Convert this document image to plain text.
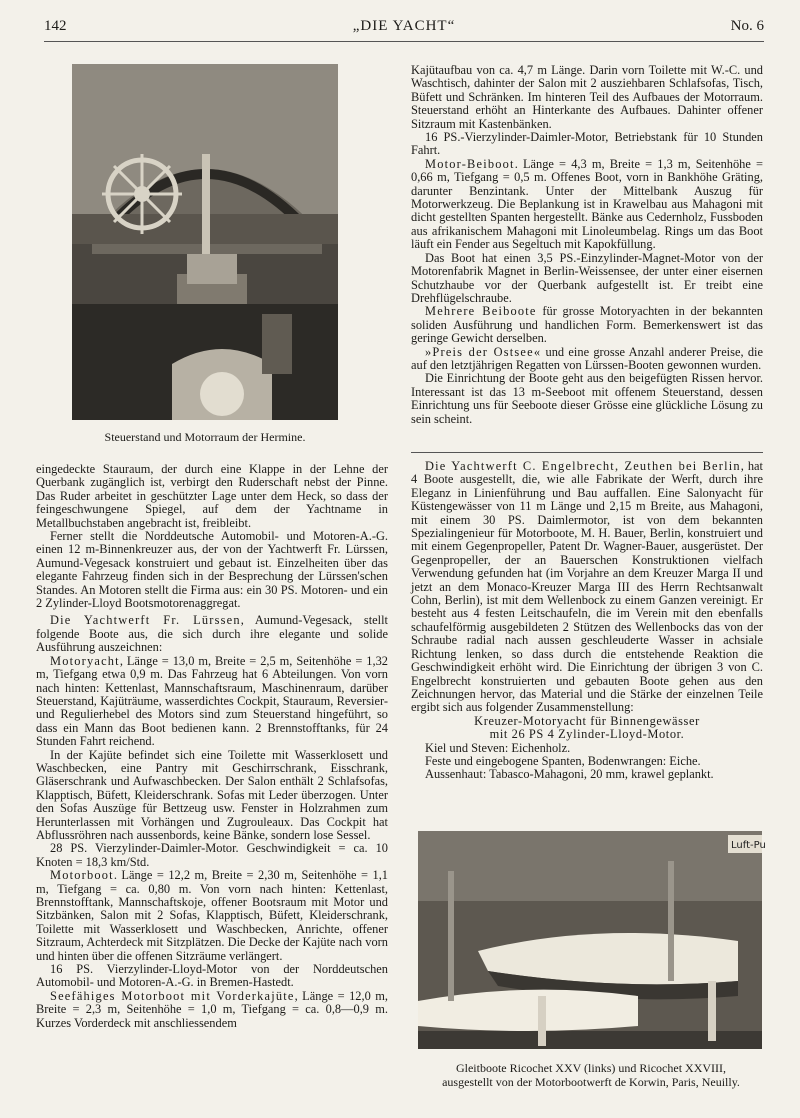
142	„DIE YACHT“	No. 6
Steuerstand und Motorraum der Hermine.

eingedeckte Stauraum, der durch eine Klappe in der Lehne der Querbank zugänglich ist, verbirgt den Ruderschaft nebst der Pinne. Das Ruder arbeitet in geschützter Lage unter dem Heck, so dass der feingeschwungene Spiegel, auf dem der Yachtname in Metallbuchstaben angebracht ist, freibleibt.

Ferner stellt die Norddeutsche Automobil- und Motoren-A.-G. einen 12 m-Binnenkreuzer aus, der von der Yachtwerft Fr. Lürssen, Aumund-Vegesack konstruiert und gebaut ist. Einzelheiten über das elegante Fahrzeug finden sich in der Besprechung der Lürssen'schen Standes. An Motoren stellt die Firma aus: ein 30 PS. Motoren- und ein 2 Zylinder-Lloyd Bootsmotorenaggregat.

Die Yachtwerft Fr. Lürssen, Aumund-Vegesack, stellt folgende Boote aus, die sich durch ihre elegante und solide Ausführung auszeichnen:

Motoryacht, Länge = 13,0 m, Breite = 2,5 m, Seitenhöhe = 1,32 m, Tiefgang etwa 0,9 m. Das Fahrzeug hat 6 Abteilungen. Von vorn nach hinten: Kettenlast, Mannschaftsraum, Maschinenraum, darüber Steuerstand, Kajüträume, wasserdichtes Cockpit, Stauraum, Reversier- und Regulierhebel des Motors sind zum Steuerstand hingeführt, so dass ein Mann das Boot bedienen kann. 2 Brennstofftanks, für 24 Stunden Fahrt reichend.

In der Kajüte befindet sich eine Toilette mit Wasserklosett und Waschbecken, eine Pantry mit Geschirrschrank, Eisschrank, Gläserschrank und Aufwaschbecken. Der Salon enthält 2 Schlafsofas, Klapptisch, Büfett, Kleiderschrank. Sofas mit Leder überzogen. Unter den Sofas Auszüge für Bettzeug usw. Fenster in Holzrahmen zum Herunterlassen mit Vorhängen und Zugrouleaux. Das Cockpit hat Abflussröhren nach aussenbords, keine Bänke, sondern lose Sessel.

28 PS. Vierzylinder-Daimler-Motor. Geschwindigkeit = ca. 10 Knoten = 18,3 km/Std.

Motorboot. Länge = 12,2 m, Breite = 2,30 m, Seitenhöhe = 1,1 m, Tiefgang = ca. 0,80 m. Von vorn nach hinten: Kettenlast, Brennstofftank, Mannschaftskoje, offener Bootsraum mit Motor und Sitzbänken, Salon mit 2 Sofas, Klapptisch, Büfett, Kleiderschrank, Toilette mit Wasserklosett und Waschbecken, Anrichte, offener Sitzraum, Achterdeck mit Sitzplätzen. Die Decke der Kajüte nach vorn und hinten über die offenen Sitzräume verlängert.

16 PS. Vierzylinder-Lloyd-Motor von der Norddeutschen Automobil- und Motoren-A.-G. in Bremen-Hastedt.

Seefähiges Motorboot mit Vorderkajüte, Länge = 12,0 m, Breite = 2,3 m, Seitenhöhe = 1,0 m, Tiefgang = ca. 0,8—0,9 m. Kurzes Vorderdeck mit anschliessendem

Kajütaufbau von ca. 4,7 m Länge. Darin vorn Toilette mit W.-C. und Waschtisch, dahinter der Salon mit 2 ausziehbaren Schlafsofas, Tisch, Büfett und Schränken. Im hinteren Teil des Aufbaues der Motorraum. Steuerstand erhöht an Hinterkante des Aufbaues. Dahinter offener Sitzraum mit Kastenbänken.

16 PS.-Vierzylinder-Daimler-Motor, Betriebstank für 10 Stunden Fahrt.

Motor-Beiboot. Länge = 4,3 m, Breite = 1,3 m, Seitenhöhe = 0,66 m, Tiefgang = 0,5 m. Offenes Boot, vorn in Bankhöhe Gräting, darunter Benzintank. Unter der Mittelbank Auszug für Motorwerkzeug. Die Beplankung ist in Krawelbau aus Mahagoni mit dicht gestellten Spanten hergestellt. Bänke aus Cedernholz, Fussboden aus afrikanischem Mahagoni mit Linoleumbelag. Rings um das Boot läuft ein Fender aus Segeltuch mit Kapokfüllung.

Das Boot hat einen 3,5 PS.-Einzylinder-Magnet-Motor von der Motorenfabrik Magnet in Berlin-Weissensee, der unter einer eisernen Schutzhaube vor der Querbank aufgestellt ist. Er treibt eine Drehflügelschraube.

Mehrere Beiboote für grosse Motoryachten in der bekannten soliden Ausführung und handlichen Form. Bemerkenswert ist das geringe Gewicht derselben.

»Preis der Ostsee« und eine grosse Anzahl anderer Preise, die auf den letztjährigen Regatten von Lürssen-Booten gewonnen wurden.

Die Einrichtung der Boote geht aus den beigefügten Rissen hervor. Interessant ist das 13 m-Seeboot mit offenem Steuerstand, dessen Einrichtung uns für Seeboote dieser Grösse eine glückliche Lösung zu sein scheint.

Die Yachtwerft C. Engelbrecht, Zeuthen bei Berlin, hat 4 Boote ausgestellt, die, wie alle Fabrikate der Werft, durch ihre Eleganz in Linienführung und Bau auffallen. Eine Salonyacht für Küstengewässer von 11 m Länge und 2,15 m Breite, aus Mahagoni, mit einem 30 PS. Daimlermotor, ist von dem bekannten Spezialingenieur für Motorboote, M. H. Bauer, Berlin, konstruiert und mit einem Gegenpropeller, Patent Dr. Wagner-Bauer, ausgerüstet. Der Gegenpropeller, der an Bauerschen Konstruktionen vielfach Verwendung gefunden hat (im Vorjahre an dem Kreuzer Marga II und jetzt an dem Monaco-Kreuzer Marga III des Herrn Rechtsanwalt Cohn, Berlin), ist mit dem Wellenbock zu einem Ganzen vereinigt. Er besteht aus 4 festen Leitschaufeln, die im Verein mit den ebenfalls schaufelförmig ausgebildeten 2 Stützen des Wellenbocks das von der Schraube radial nach aussen geschleuderte Wasser in achsiale Richtung lenken, so dass durch die entstehende Reaktion die Geschwindigkeit erhöht wird. Die Einrichtung der übrigen 3 von C. Engelbrecht konstruierten und gebauten Boote gehen aus den Zeichnungen hervor, das Material und die Stärke der einzelnen Teile ergibt sich aus folgender Zusammenstellung:

Kreuzer-Motoryacht für Binnengewässer

mit 26 PS 4 Zylinder-Lloyd-Motor.

Kiel und Steven: Eichenholz.

Feste und eingebogene Spanten, Bodenwrangen: Eiche.

Aussenhaut: Tabasco-Mahagoni, 20 mm, krawel geplankt.

Luft-Pu
Gleitboote Ricochet XXV (links) und Ricochet XXVIII,
ausgestellt von der Motorbootwerft de Korwin, Paris, Neuilly.
